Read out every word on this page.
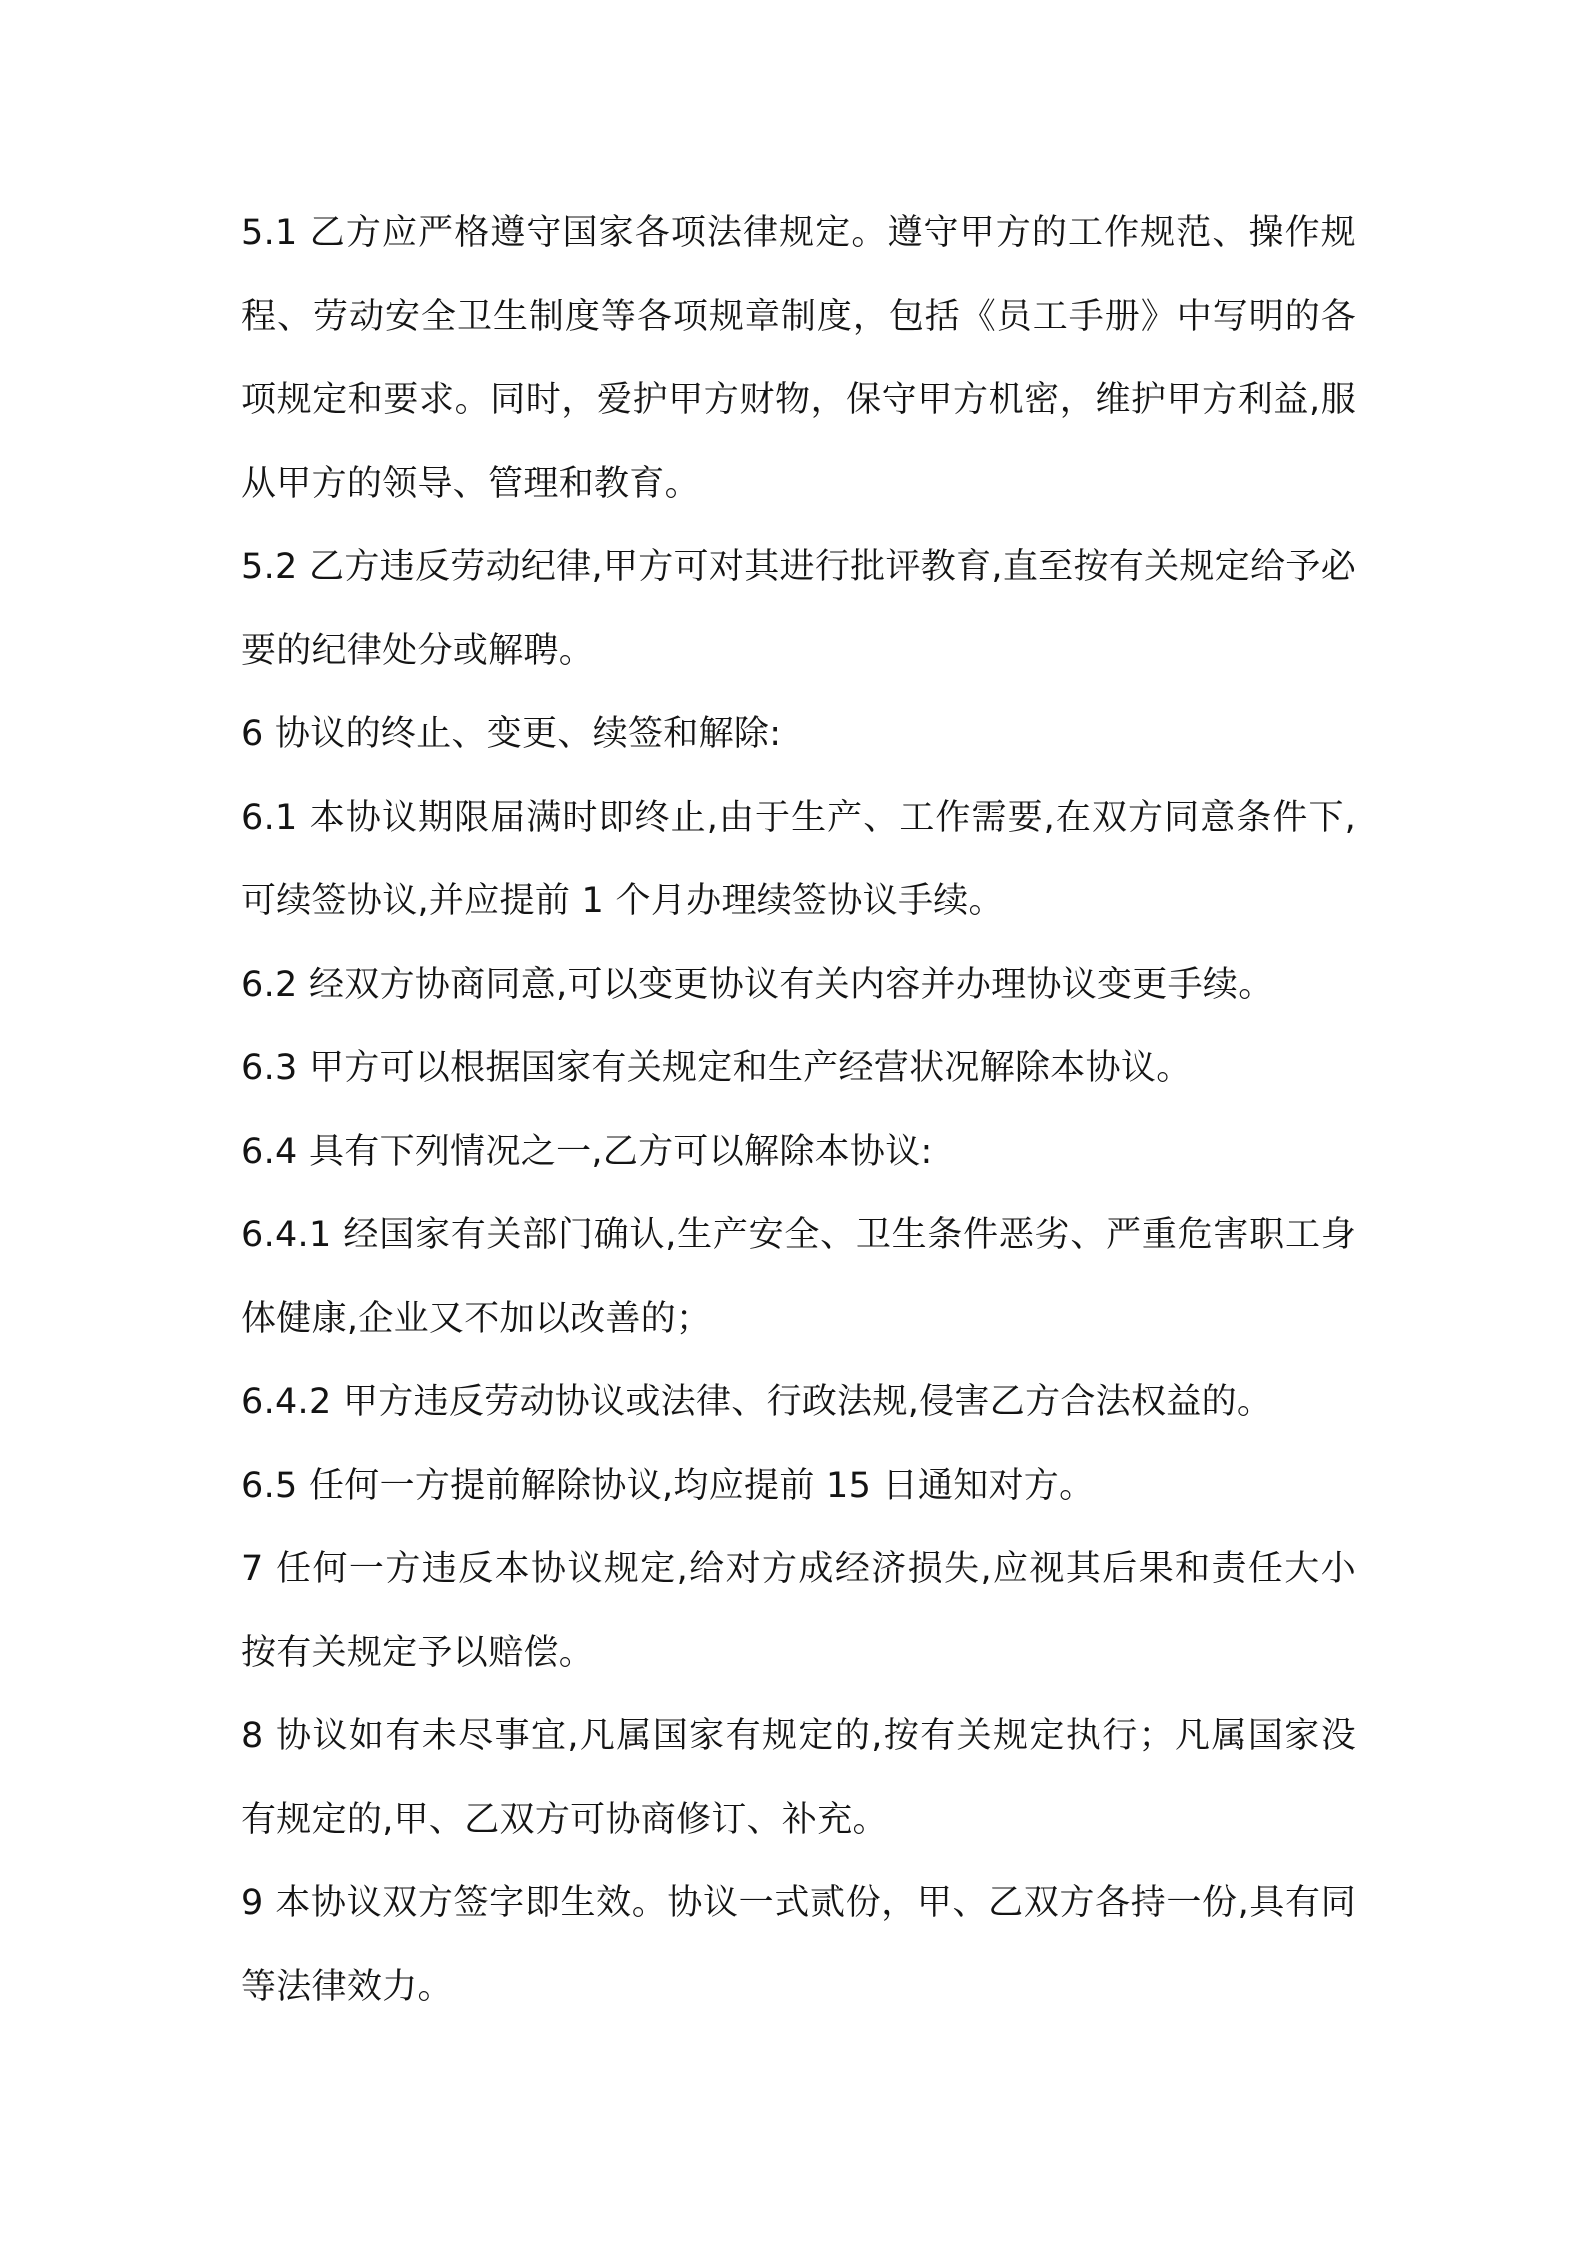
5.1 乙方应严格遵守国家各项法律规定。遵守甲方的工作规范、操作规程、劳动安全卫生制度等各项规章制度，包括《员工手册》中写明的各项规定和要求。同时，爱护甲方财物，保守甲方机密，维护甲方利益,服从甲方的领导、管理和教育。

5.2 乙方违反劳动纪律,甲方可对其进行批评教育,直至按有关规定给予必要的纪律处分或解聘。

6 协议的终止、变更、续签和解除:

6.1 本协议期限届满时即终止,由于生产、工作需要,在双方同意条件下,可续签协议,并应提前 1 个月办理续签协议手续。

6.2 经双方协商同意,可以变更协议有关内容并办理协议变更手续。

6.3 甲方可以根据国家有关规定和生产经营状况解除本协议。

6.4 具有下列情况之一,乙方可以解除本协议:

6.4.1 经国家有关部门确认,生产安全、卫生条件恶劣、严重危害职工身体健康,企业又不加以改善的；

6.4.2 甲方违反劳动协议或法律、行政法规,侵害乙方合法权益的。

6.5 任何一方提前解除协议,均应提前 15 日通知对方。

7 任何一方违反本协议规定,给对方成经济损失,应视其后果和责任大小按有关规定予以赔偿。

8 协议如有未尽事宜,凡属国家有规定的,按有关规定执行；凡属国家没有规定的,甲、乙双方可协商修订、补充。

9 本协议双方签字即生效。协议一式贰份，甲、乙双方各持一份,具有同等法律效力。
